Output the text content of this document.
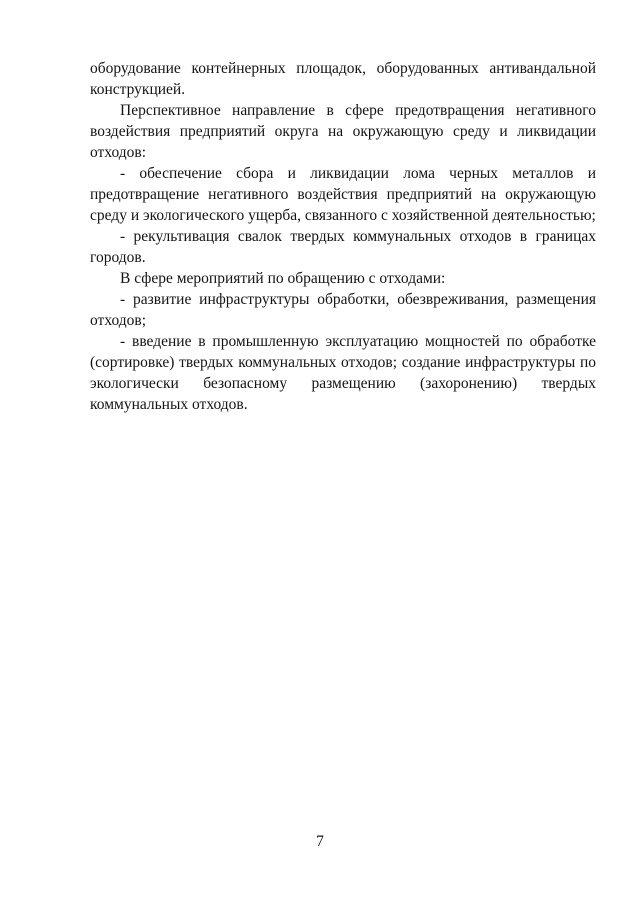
оборудование контейнерных площадок, оборудованных антивандальной конструкцией.

Перспективное направление в сфере предотвращения негативного воздействия предприятий округа на окружающую среду и ликвидации отходов:

- обеспечение сбора и ликвидации лома черных металлов и предотвращение негативного воздействия предприятий на окружающую среду и экологического ущерба, связанного с хозяйственной деятельностью;

- рекультивация свалок твердых коммунальных отходов в границах городов.

В сфере мероприятий по обращению с отходами:

- развитие инфраструктуры обработки, обезвреживания, размещения отходов;

- введение в промышленную эксплуатацию мощностей по обработке (сортировке) твердых коммунальных отходов; создание инфраструктуры по экологически безопасному размещению (захоронению) твердых коммунальных отходов.

7
